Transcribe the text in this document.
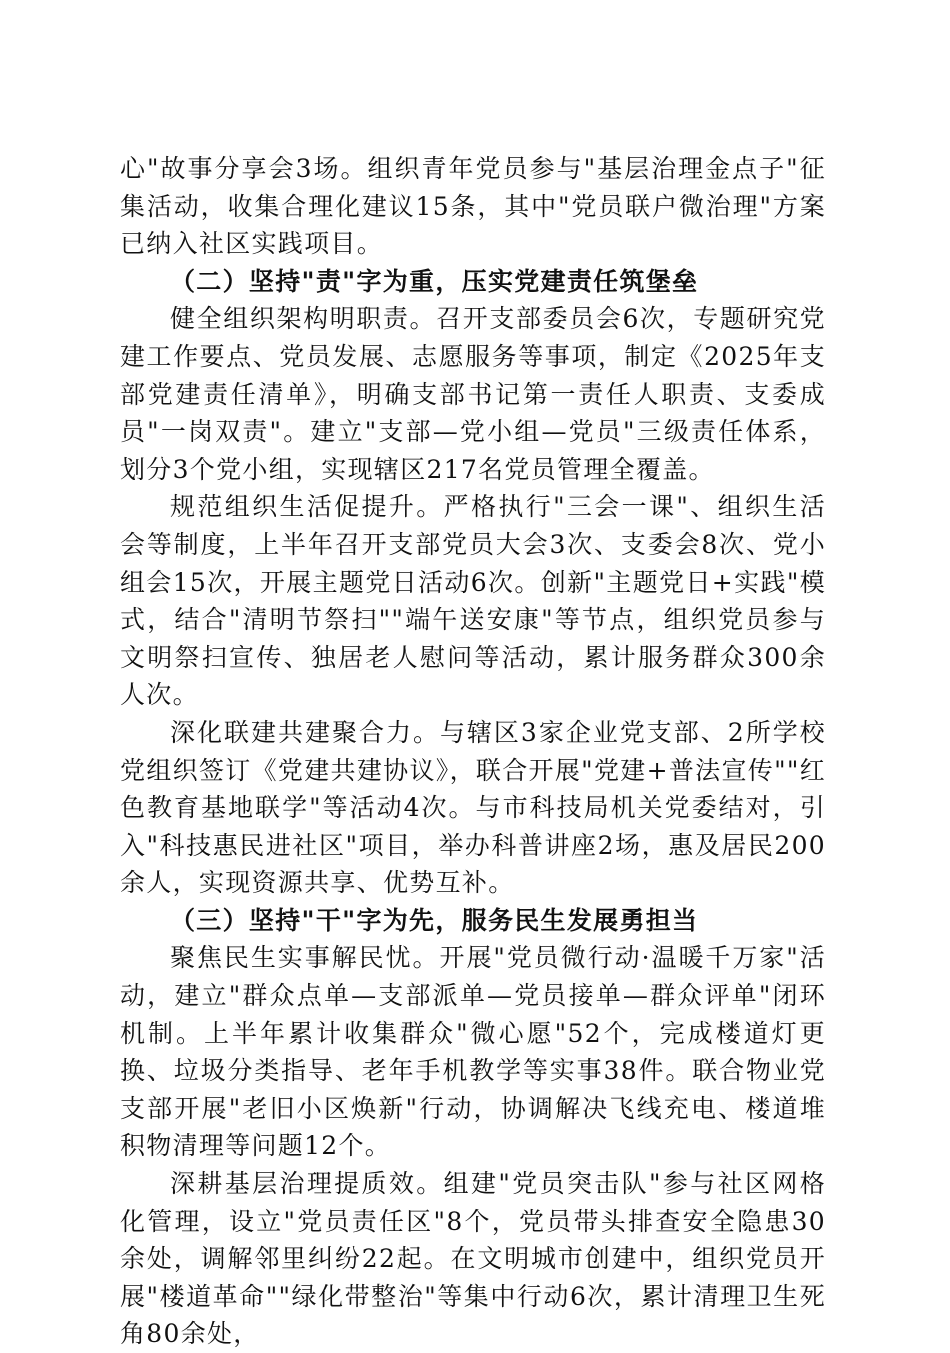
心"故事分享会3场。组织青年党员参与"基层治理金点子"征集活动，收集合理化建议15条，其中"党员联户微治理"方案已纳入社区实践项目。

（二）坚持"责"字为重，压实党建责任筑堡垒

健全组织架构明职责。召开支部委员会6次，专题研究党建工作要点、党员发展、志愿服务等事项，制定《2025年支部党建责任清单》，明确支部书记第一责任人职责、支委成员"一岗双责"。建立"支部—党小组—党员"三级责任体系，划分3个党小组，实现辖区217名党员管理全覆盖。

规范组织生活促提升。严格执行"三会一课"、组织生活会等制度，上半年召开支部党员大会3次、支委会8次、党小组会15次，开展主题党日活动6次。创新"主题党日+实践"模式，结合"清明节祭扫""端午送安康"等节点，组织党员参与文明祭扫宣传、独居老人慰问等活动，累计服务群众300余人次。

深化联建共建聚合力。与辖区3家企业党支部、2所学校党组织签订《党建共建协议》，联合开展"党建+普法宣传""红色教育基地联学"等活动4次。与市科技局机关党委结对，引入"科技惠民进社区"项目，举办科普讲座2场，惠及居民200余人，实现资源共享、优势互补。

（三）坚持"干"字为先，服务民生发展勇担当

聚焦民生实事解民忧。开展"党员微行动·温暖千万家"活动，建立"群众点单—支部派单—党员接单—群众评单"闭环机制。上半年累计收集群众"微心愿"52个，完成楼道灯更换、垃圾分类指导、老年手机教学等实事38件。联合物业党支部开展"老旧小区焕新"行动，协调解决飞线充电、楼道堆积物清理等问题12个。

深耕基层治理提质效。组建"党员突击队"参与社区网格化管理，设立"党员责任区"8个，党员带头排查安全隐患30余处，调解邻里纠纷22起。在文明城市创建中，组织党员开展"楼道革命""绿化带整治"等集中行动6次，累计清理卫生死角80余处，
